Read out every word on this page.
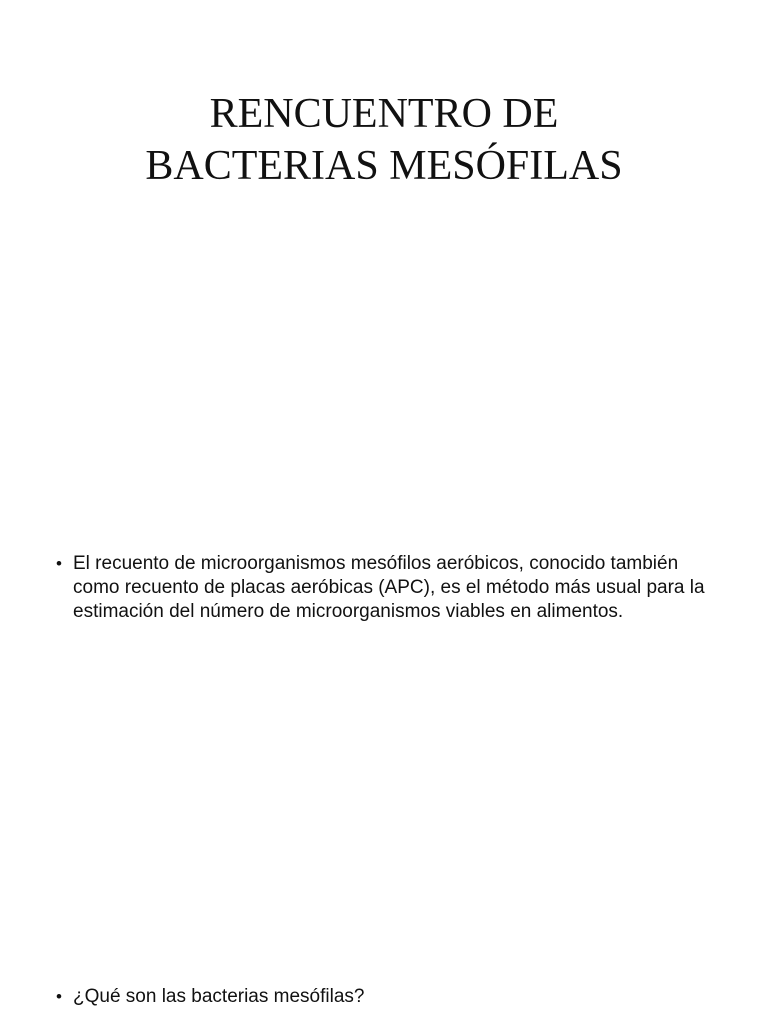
RENCUENTRO DE
BACTERIAS MESÓFILAS
• El recuento de microorganismos mesófilos aeróbicos, conocido también como recuento de placas aeróbicas (APC), es el método más usual para la estimación del número de microorganismos viables en alimentos.
• ¿Qué son las bacterias mesófilas?
